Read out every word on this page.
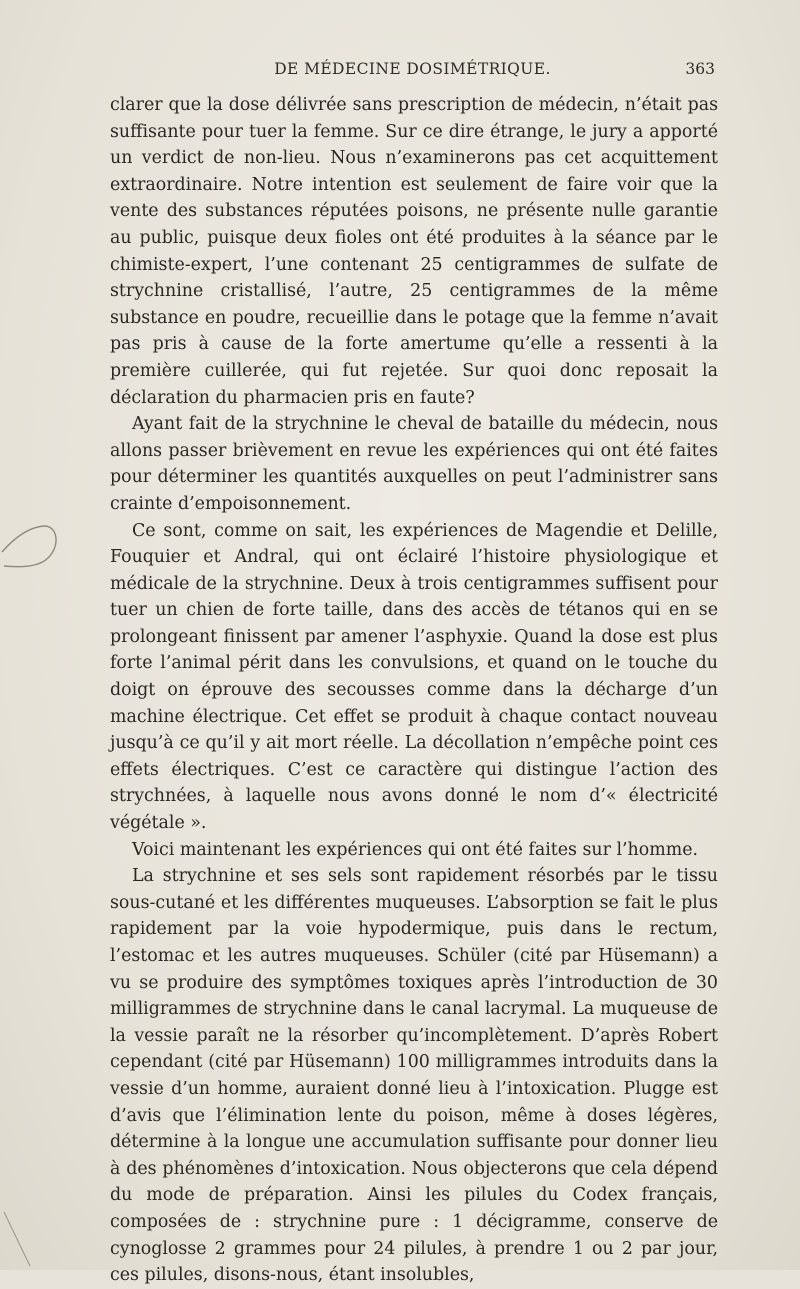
DE MÉDECINE DOSIMÉTRIQUE.	363

clarer que la dose délivrée sans prescription de médecin, n’était pas suffisante pour tuer la femme. Sur ce dire étrange, le jury a apporté un verdict de non-lieu. Nous n’examinerons pas cet acquittement extraordinaire. Notre intention est seulement de faire voir que la vente des substances réputées poisons, ne présente nulle garantie au public, puisque deux fioles ont été produites à la séance par le chimiste-expert, l’une contenant 25 centigrammes de sulfate de strychnine cristallisé, l’autre, 25 centigrammes de la même substance en poudre, recueillie dans le potage que la femme n’avait pas pris à cause de la forte amertume qu’elle a ressenti à la première cuillerée, qui fut rejetée. Sur quoi donc reposait la déclaration du pharmacien pris en faute?

Ayant fait de la strychnine le cheval de bataille du médecin, nous allons passer brièvement en revue les expériences qui ont été faites pour déterminer les quantités auxquelles on peut l’administrer sans crainte d’empoisonnement.

Ce sont, comme on sait, les expériences de Magendie et Delille, Fouquier et Andral, qui ont éclairé l’histoire physiologique et médicale de la strychnine. Deux à trois centigrammes suffisent pour tuer un chien de forte taille, dans des accès de tétanos qui en se prolongeant finissent par amener l’asphyxie. Quand la dose est plus forte l’animal périt dans les convulsions, et quand on le touche du doigt on éprouve des secousses comme dans la décharge d’un machine électrique. Cet effet se produit à chaque contact nouveau jusqu’à ce qu’il y ait mort réelle. La décollation n’empêche point ces effets électriques. C’est ce caractère qui distingue l’action des strychnées, à laquelle nous avons donné le nom d’« électricité végétale ».

Voici maintenant les expériences qui ont été faites sur l’homme.

La strychnine et ses sels sont rapidement résorbés par le tissu sous-cutané et les différentes muqueuses. L’absorption se fait le plus rapidement par la voie hypodermique, puis dans le rectum, l’estomac et les autres muqueuses. Schüler (cité par Hüsemann) a vu se produire des symptômes toxiques après l’introduction de 30 milligrammes de strychnine dans le canal lacrymal. La muqueuse de la vessie paraît ne la résorber qu’incomplètement. D’après Robert cependant (cité par Hüsemann) 100 milligrammes introduits dans la vessie d’un homme, auraient donné lieu à l’intoxication. Plugge est d’avis que l’élimination lente du poison, même à doses légères, détermine à la longue une accumulation suffisante pour donner lieu à des phénomènes d’intoxication. Nous objecterons que cela dépend du mode de préparation. Ainsi les pilules du Codex français, composées de : strychnine pure : 1 décigramme, conserve de cynoglosse 2 grammes pour 24 pilules, à prendre 1 ou 2 par jour, ces pilules, disons-nous, étant insolubles,
